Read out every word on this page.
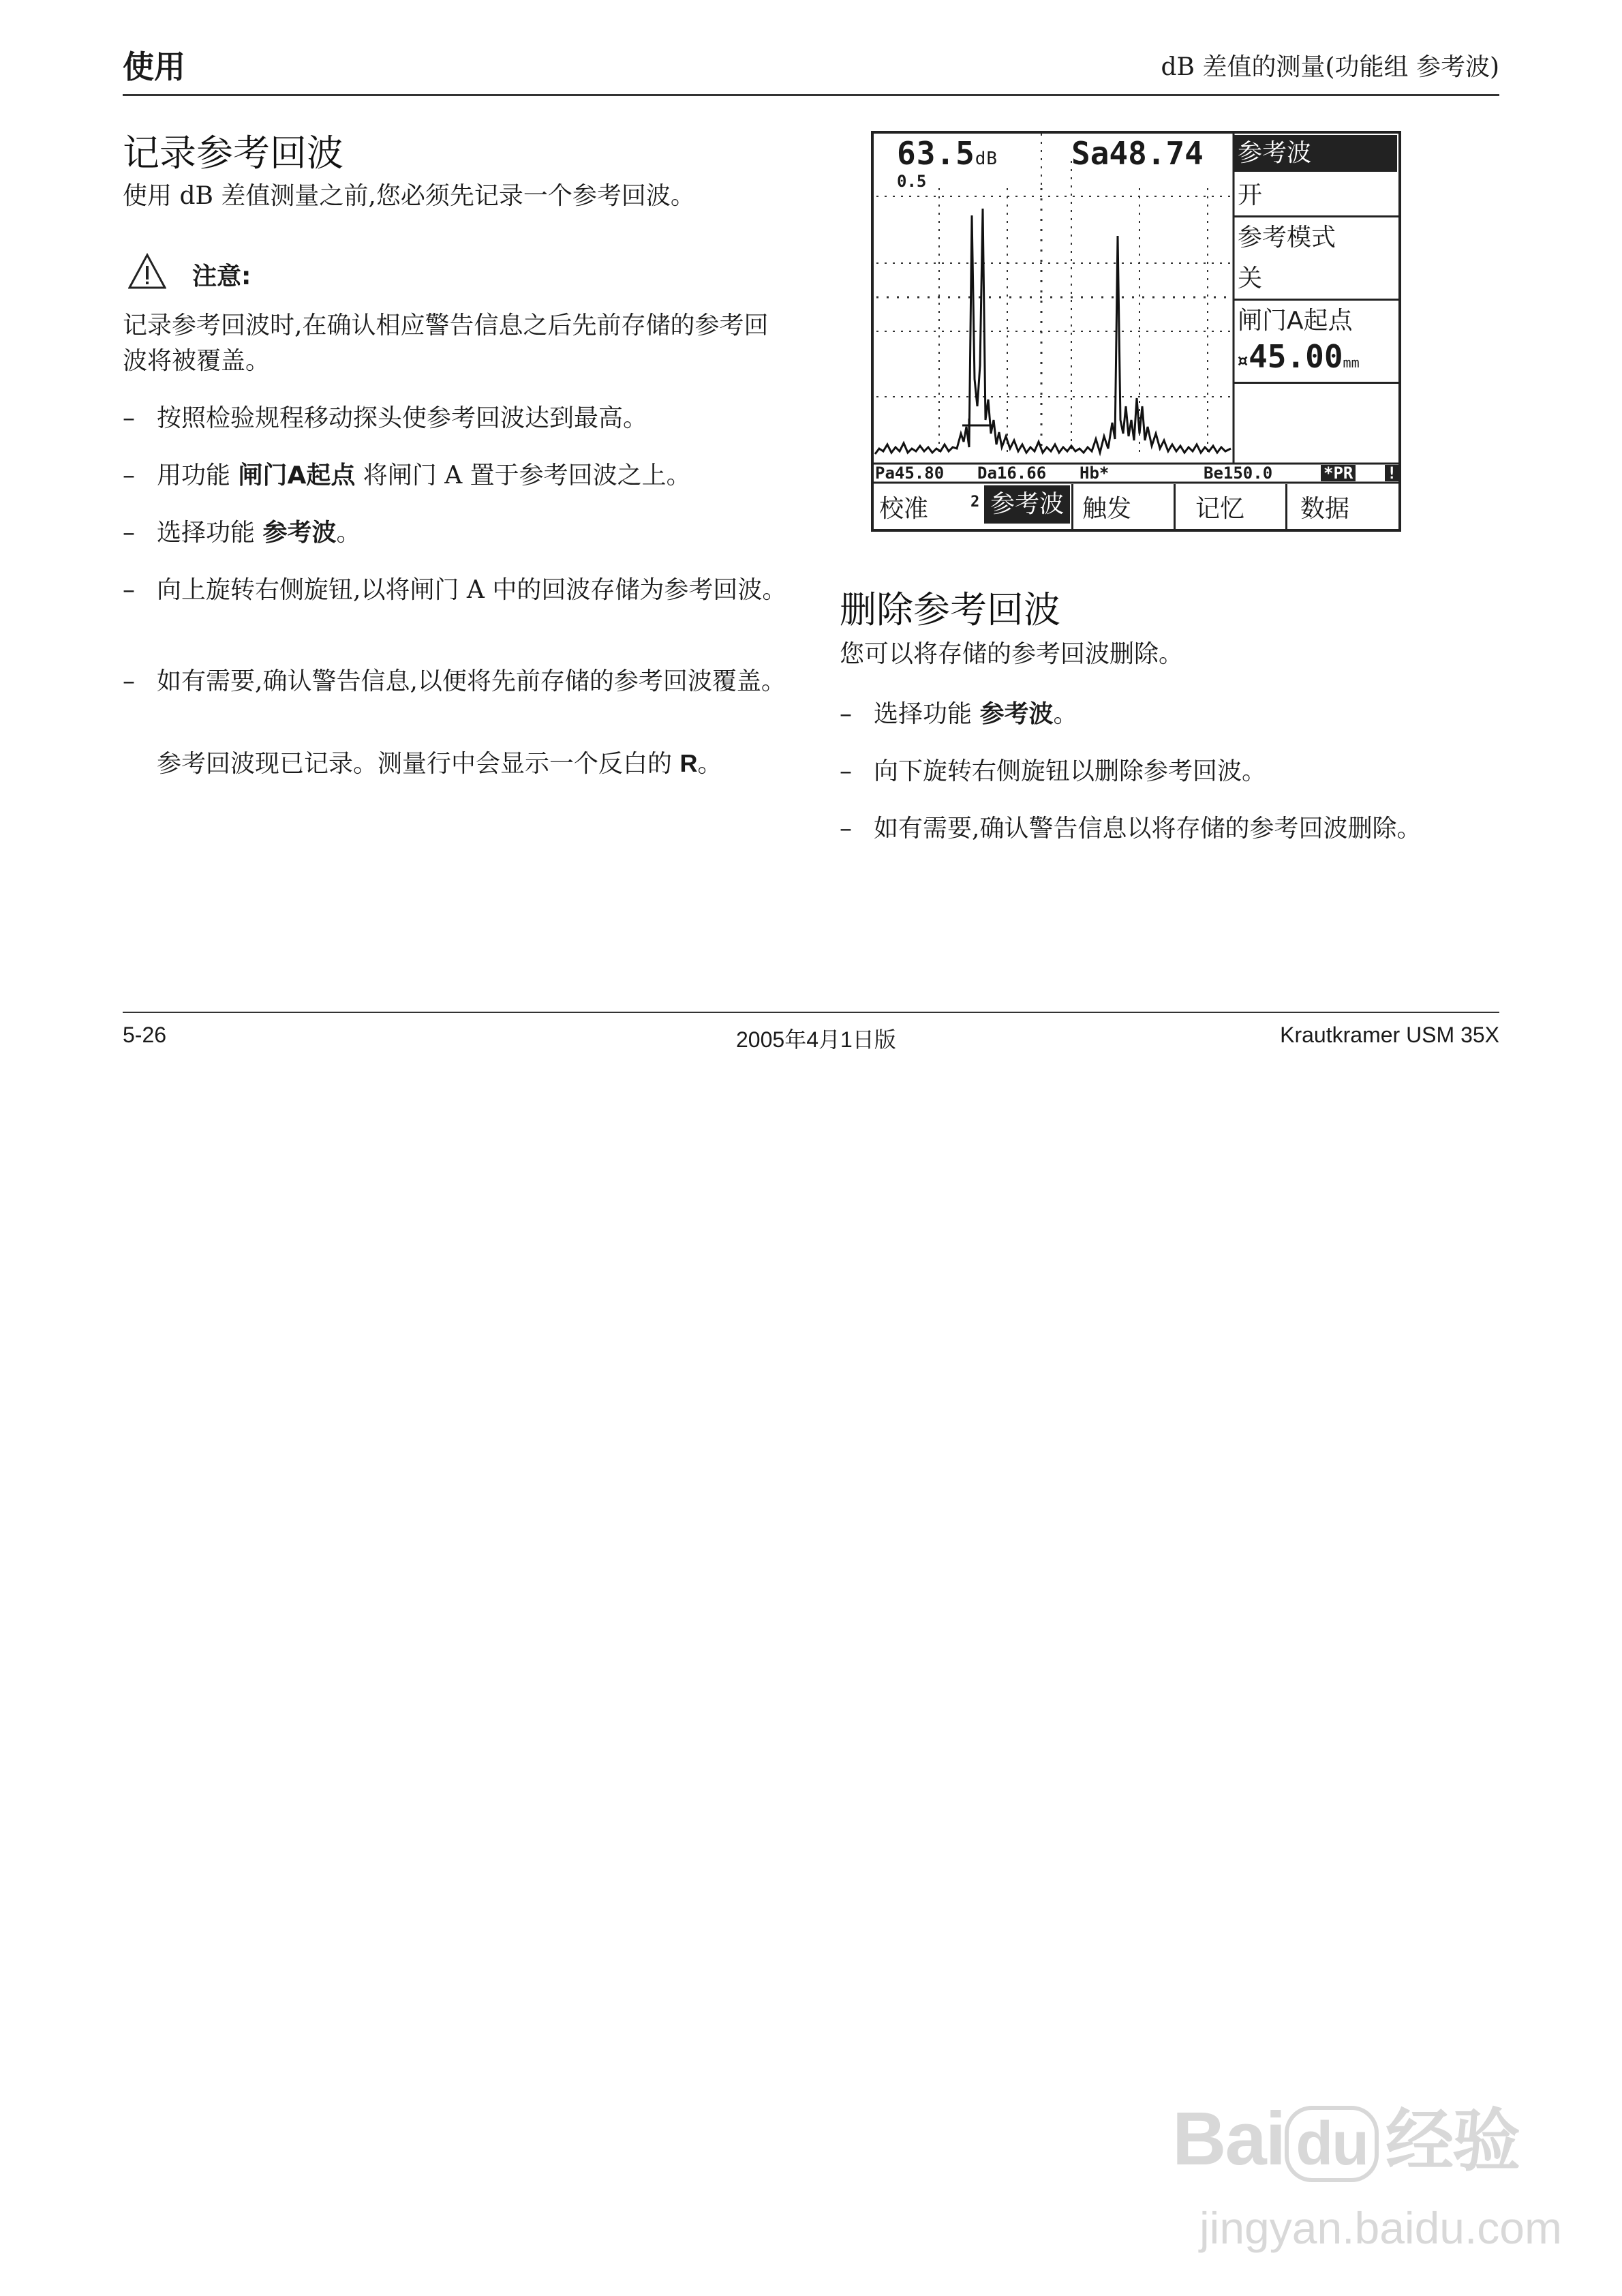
使用	dB 差值的测量(功能组 参考波)
记录参考回波
使用 dB 差值测量之前,您必须先记录一个参考回波。
注意:
记录参考回波时,在确认相应警告信息之后先前存储的参考回波将被覆盖。
– 按照检验规程移动探头使参考回波达到最高。
– 用功能 闸门A起点 将闸门 A 置于参考回波之上。
– 选择功能 参考波。
– 向上旋转右侧旋钮,以将闸门 A 中的回波存储为参考回波。
– 如有需要,确认警告信息,以便将先前存储的参考回波覆盖。
参考回波现已记录。测量行中会显示一个反白的 R。
63.5dB
0.5
Sa48.74 参考波
开
参考模式
关
闸门A起点
¤45.00mm
Pa45.80 Da16.66 Hb*	Be150.0	*PR !
校准	2 参考波 触发	记忆 数据
删除参考回波
您可以将存储的参考回波删除。
– 选择功能 参考波。
– 向下旋转右侧旋钮以删除参考回波。
– 如有需要,确认警告信息以将存储的参考回波删除。
5-26	2005年4月1日版	Krautkramer USM 35X
Bai du 经验
jingyan.baidu.com
